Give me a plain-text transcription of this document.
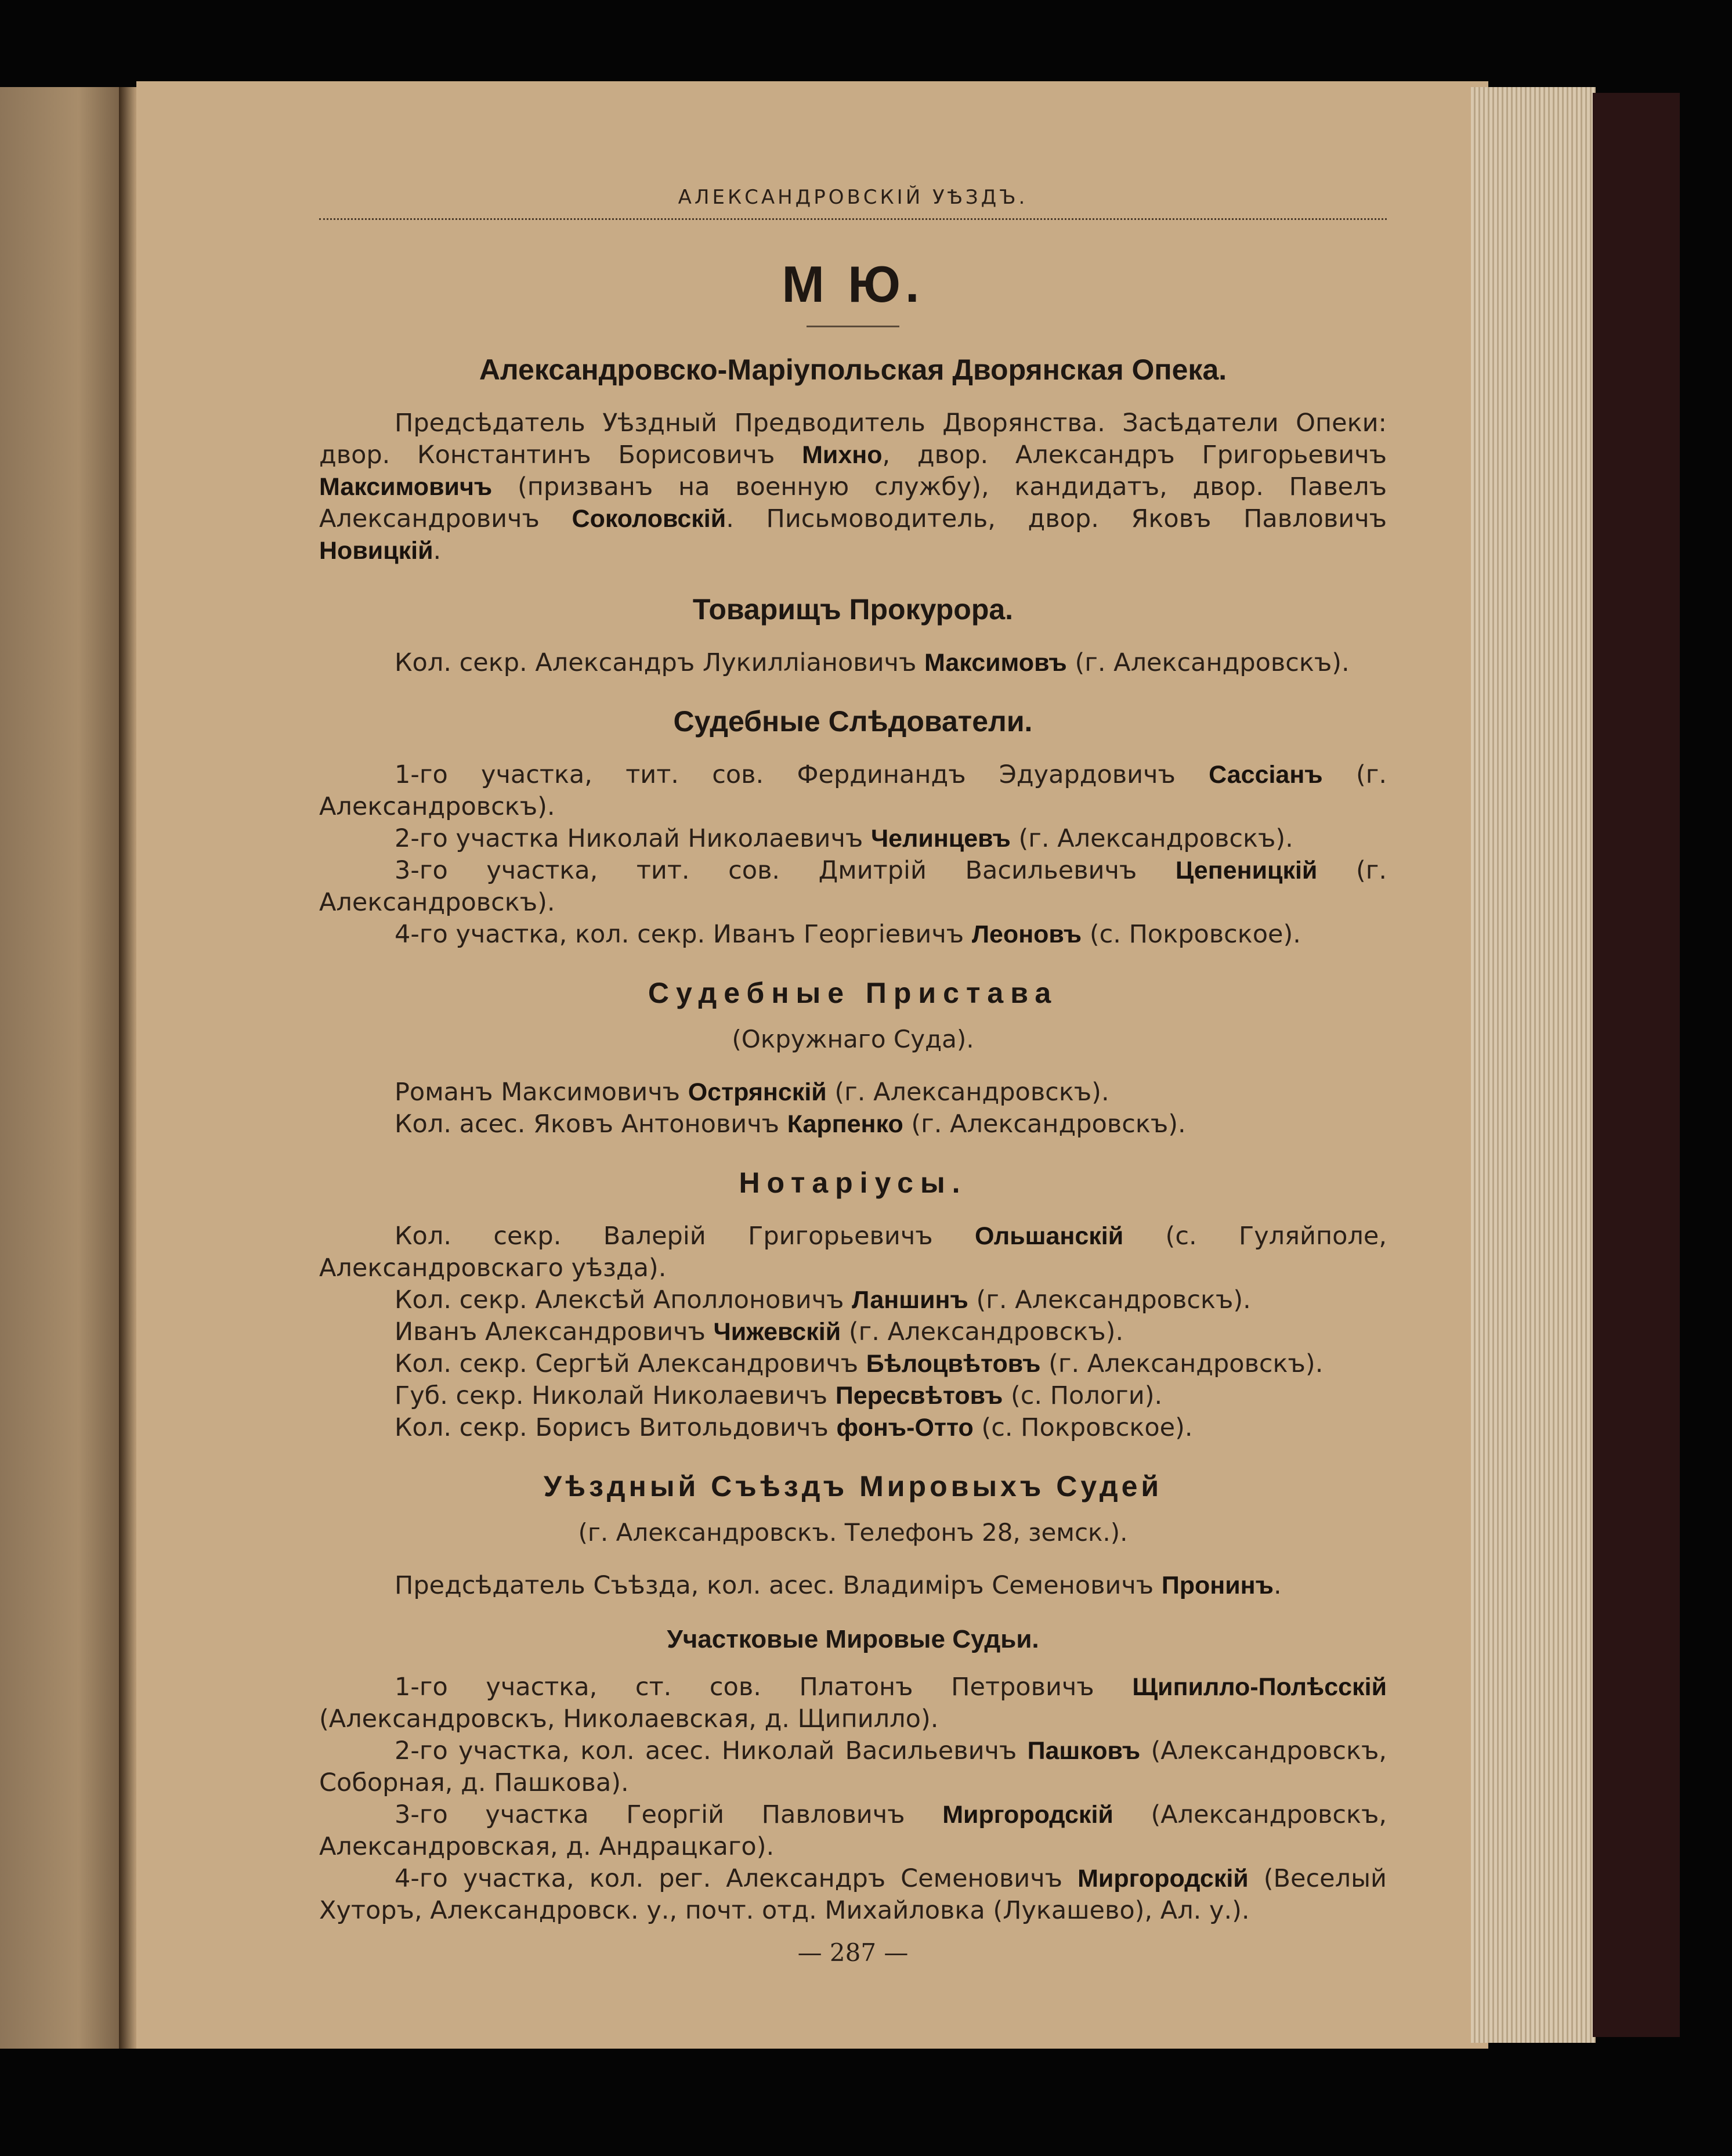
АЛЕКСАНДРОВСКІЙ УѢЗДЪ.
М Ю.
Александровско-Маріупольская Дворянская Опека.

Предсѣдатель Уѣздный Предводитель Дворянства. Засѣдатели Опеки: двор. Константинъ Борисовичъ Михно, двор. Александръ Григорьевичъ Максимовичъ (призванъ на военную службу), кандидатъ, двор. Павелъ Александровичъ Соколовскій. Письмоводитель, двор. Яковъ Павловичъ Новицкій.

Товарищъ Прокурора.

Кол. секр. Александръ Лукилліановичъ Максимовъ (г. Александровскъ).

Судебные Слѣдователи.

1-го участка, тит. сов. Фердинандъ Эдуардовичъ Сассіанъ (г. Александровскъ).

2-го участка Николай Николаевичъ Челинцевъ (г. Александровскъ).

3-го участка, тит. сов. Дмитрій Васильевичъ Цепеницкій (г. Александровскъ).

4-го участка, кол. секр. Иванъ Георгіевичъ Леоновъ (с. Покровское).

Судебные Пристава
(Окружнаго Суда).

Романъ Максимовичъ Острянскій (г. Александровскъ).

Кол. асес. Яковъ Антоновичъ Карпенко (г. Александровскъ).

Нотаріусы.

Кол. секр. Валерій Григорьевичъ Ольшанскій (с. Гуляйполе, Александровскаго уѣзда).

Кол. секр. Алексѣй Аполлоновичъ Ланшинъ (г. Александровскъ).

Иванъ Александровичъ Чижевскій (г. Александровскъ).

Кол. секр. Сергѣй Александровичъ Бѣлоцвѣтовъ (г. Александровскъ).

Губ. секр. Николай Николаевичъ Пересвѣтовъ (с. Пологи).

Кол. секр. Борисъ Витольдовичъ фонъ-Отто (с. Покровское).

Уѣздный Съѣздъ Мировыхъ Судей
(г. Александровскъ. Телефонъ 28, земск.).

Предсѣдатель Съѣзда, кол. асес. Владиміръ Семеновичъ Пронинъ.

Участковые Мировые Судьи.

1-го участка, ст. сов. Платонъ Петровичъ Щипилло-Полѣсскій (Александровскъ, Николаевская, д. Щипилло).

2-го участка, кол. асес. Николай Васильевичъ Пашковъ (Александровскъ, Соборная, д. Пашкова).

3-го участка Георгій Павловичъ Миргородскій (Александровскъ, Александровская, д. Андрацкаго).

4-го участка, кол. рег. Александръ Семеновичъ Миргородскій (Веселый Хуторъ, Александровск. у., почт. отд. Михайловка (Лукашево), Ал. у.).

— 287 —
